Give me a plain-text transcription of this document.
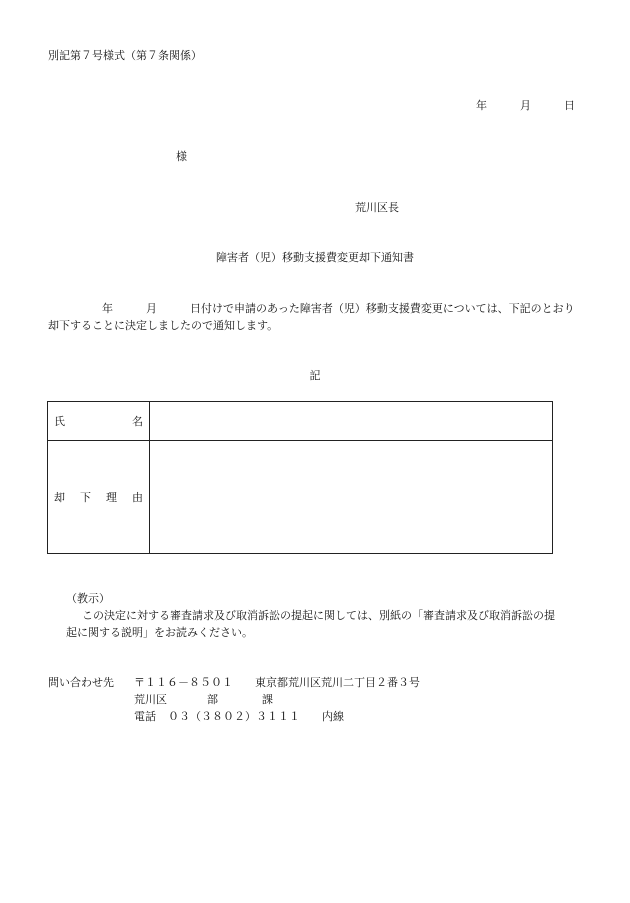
別記第７号様式（第７条関係）
年	月	日
様
荒川区長
障害者（児）移動支援費変更却下通知書
年	月	日付けで申請のあった障害者（児）移動支援費変更については、下記のとおり
却下することに決定しましたので通知します。
記
氏 名	

却 下 理 由	

（教示）
この決定に対する審査請求及び取消訴訟の提起に関しては、別紙の「審査請求及び取消訴訟の提
起に関する説明」をお読みください。
問い合わせ先 〒１１６－８５０１ 東京都荒川区荒川二丁目２番３号
荒川区	部	課
電話 ０３（３８０２）３１１１ 内線
